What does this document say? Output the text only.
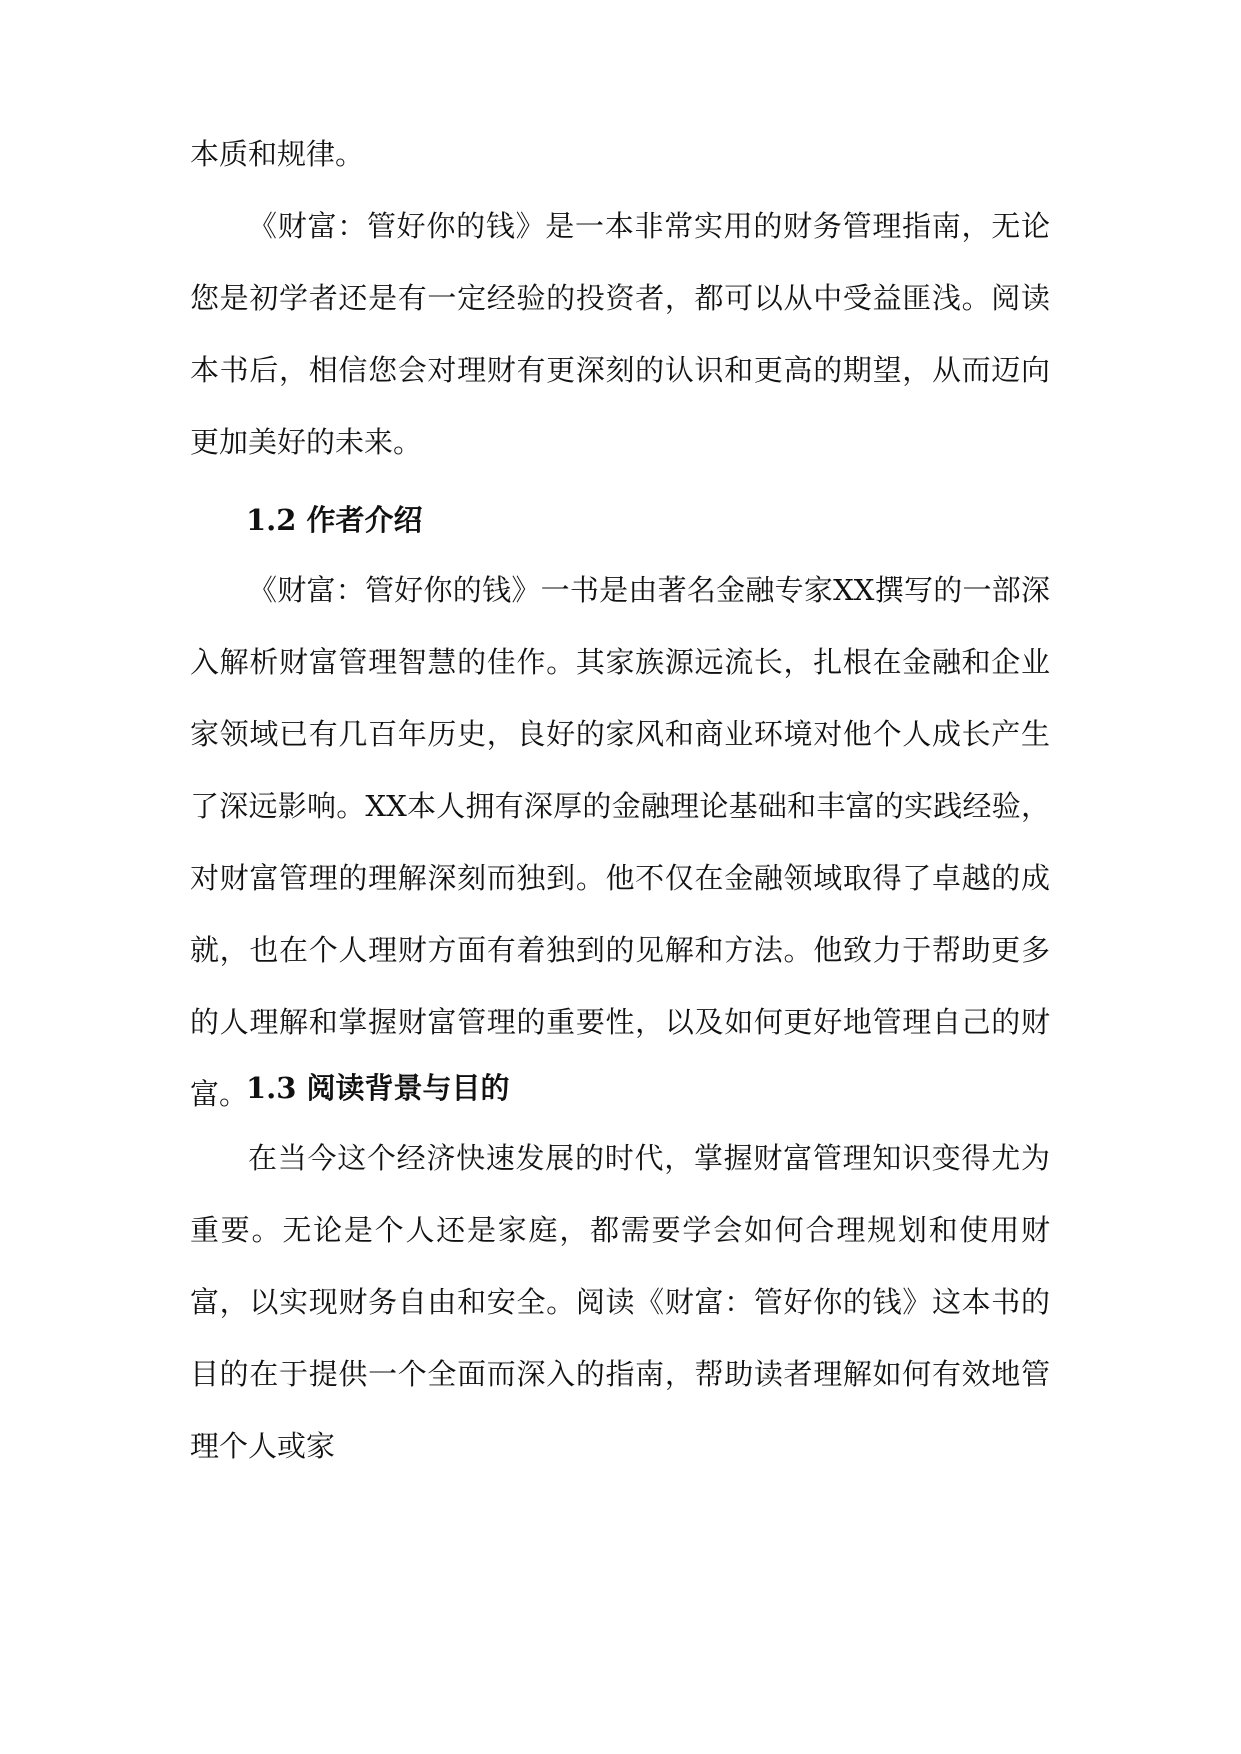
本质和规律。

《财富：管好你的钱》是一本非常实用的财务管理指南，无论您是初学者还是有一定经验的投资者，都可以从中受益匪浅。阅读本书后，相信您会对理财有更深刻的认识和更高的期望，从而迈向更加美好的未来。

1.2 作者介绍

《财富：管好你的钱》一书是由著名金融专家XX撰写的一部深入解析财富管理智慧的佳作。其家族源远流长，扎根在金融和企业家领域已有几百年历史，良好的家风和商业环境对他个人成长产生了深远影响。XX本人拥有深厚的金融理论基础和丰富的实践经验，对财富管理的理解深刻而独到。他不仅在金融领域取得了卓越的成就，也在个人理财方面有着独到的见解和方法。他致力于帮助更多的人理解和掌握财富管理的重要性，以及如何更好地管理自己的财富。

1.3 阅读背景与目的

在当今这个经济快速发展的时代，掌握财富管理知识变得尤为重要。无论是个人还是家庭，都需要学会如何合理规划和使用财富，以实现财务自由和安全。阅读《财富：管好你的钱》这本书的目的在于提供一个全面而深入的指南，帮助读者理解如何有效地管理个人或家
